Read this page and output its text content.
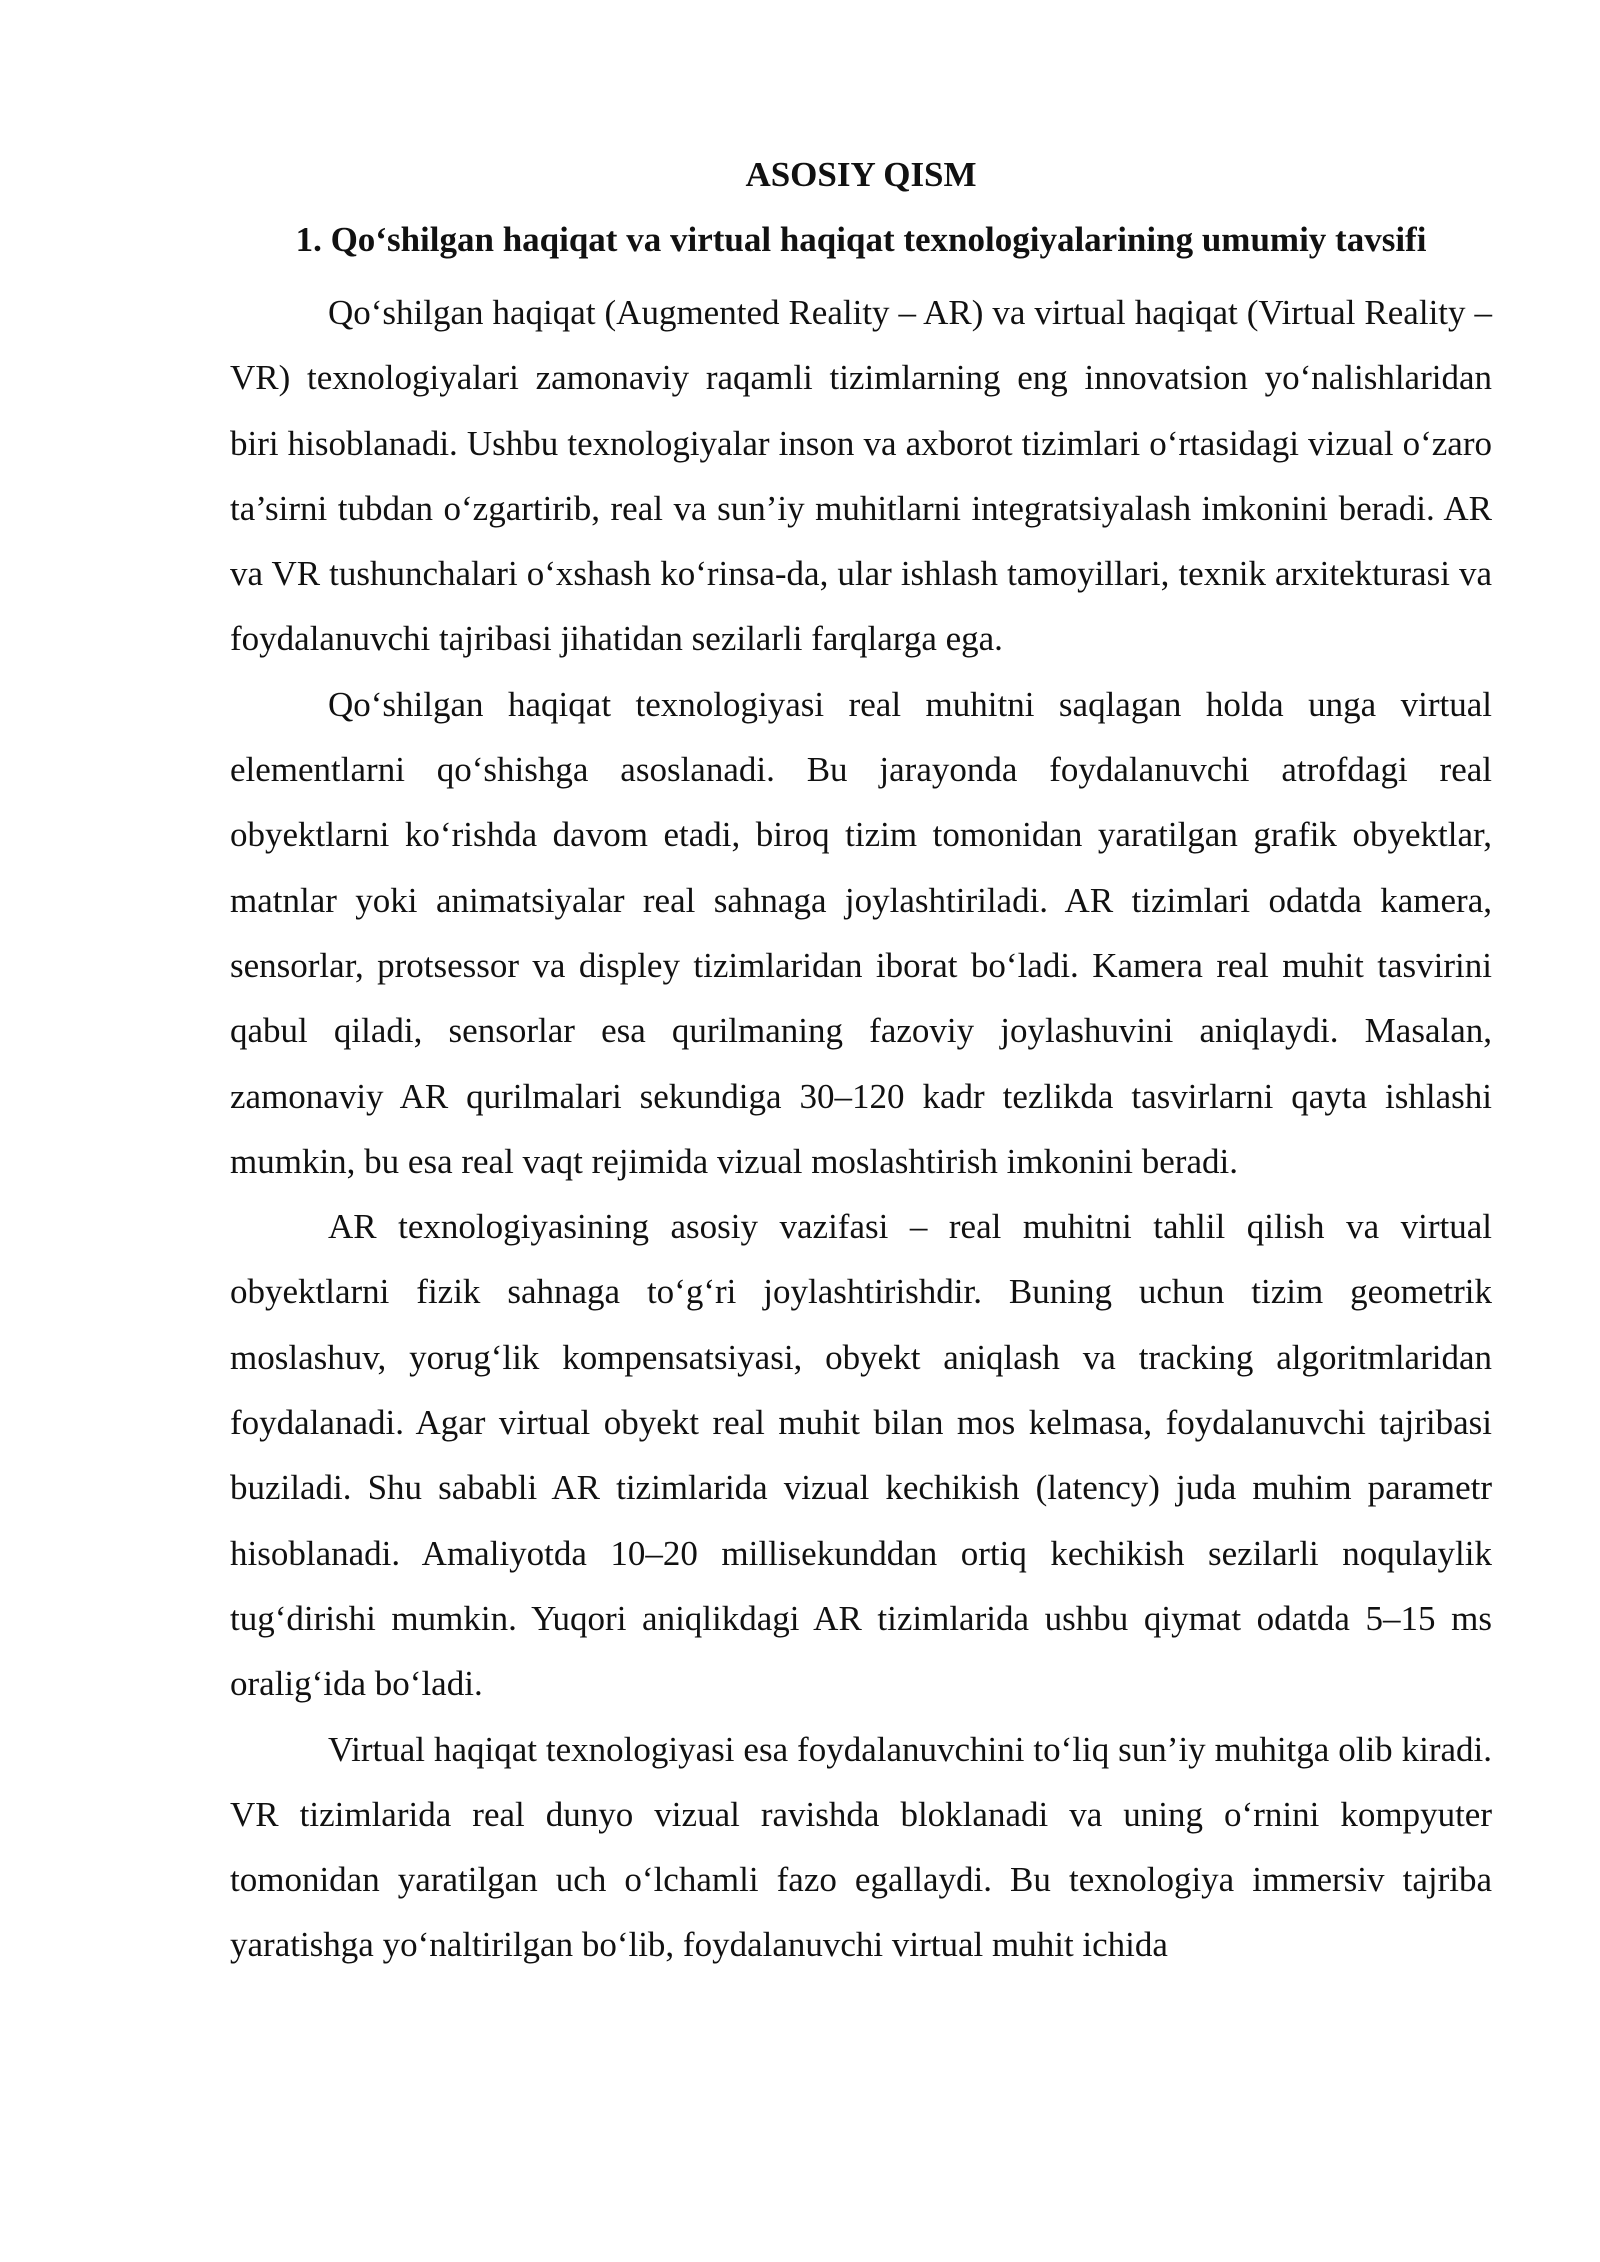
ASOSIY QISM
1. Qo‘shilgan haqiqat va virtual haqiqat texnologiyalarining umumiy tavsifi

Qo‘shilgan haqiqat (Augmented Reality – AR) va virtual haqiqat (Virtual Reality – VR) texnologiyalari zamonaviy raqamli tizimlarning eng innovatsion yo‘nalishlaridan biri hisoblanadi. Ushbu texnologiyalar inson va axborot tizimlari o‘rtasidagi vizual o‘zaro ta’sirni tubdan o‘zgartirib, real va sun’iy muhitlarni integratsiyalash imkonini beradi. AR va VR tushunchalari o‘xshash ko‘rinsa-da, ular ishlash tamoyillari, texnik arxitekturasi va foydalanuvchi tajribasi jihatidan sezilarli farqlarga ega.

Qo‘shilgan haqiqat texnologiyasi real muhitni saqlagan holda unga virtual elementlarni qo‘shishga asoslanadi. Bu jarayonda foydalanuvchi atrofdagi real obyektlarni ko‘rishda davom etadi, biroq tizim tomonidan yaratilgan grafik obyektlar, matnlar yoki animatsiyalar real sahnaga joylashtiriladi. AR tizimlari odatda kamera, sensorlar, protsessor va displey tizimlaridan iborat bo‘ladi. Kamera real muhit tasvirini qabul qiladi, sensorlar esa qurilmaning fazoviy joylashuvini aniqlaydi. Masalan, zamonaviy AR qurilmalari sekundiga 30–120 kadr tezlikda tasvirlarni qayta ishlashi mumkin, bu esa real vaqt rejimida vizual moslashtirish imkonini beradi.

AR texnologiyasining asosiy vazifasi – real muhitni tahlil qilish va virtual obyektlarni fizik sahnaga to‘g‘ri joylashtirishdir. Buning uchun tizim geometrik moslashuv, yorug‘lik kompensatsiyasi, obyekt aniqlash va tracking algoritmlaridan foydalanadi. Agar virtual obyekt real muhit bilan mos kelmasa, foydalanuvchi tajribasi buziladi. Shu sababli AR tizimlarida vizual kechikish (latency) juda muhim parametr hisoblanadi. Amaliyotda 10–20 millisekunddan ortiq kechikish sezilarli noqulaylik tug‘dirishi mumkin. Yuqori aniqlikdagi AR tizimlarida ushbu qiymat odatda 5–15 ms oralig‘ida bo‘ladi.

Virtual haqiqat texnologiyasi esa foydalanuvchini to‘liq sun’iy muhitga olib kiradi. VR tizimlarida real dunyo vizual ravishda bloklanadi va uning o‘rnini kompyuter tomonidan yaratilgan uch o‘lchamli fazo egallaydi. Bu texnologiya immersiv tajriba yaratishga yo‘naltirilgan bo‘lib, foydalanuvchi virtual muhit ichida
